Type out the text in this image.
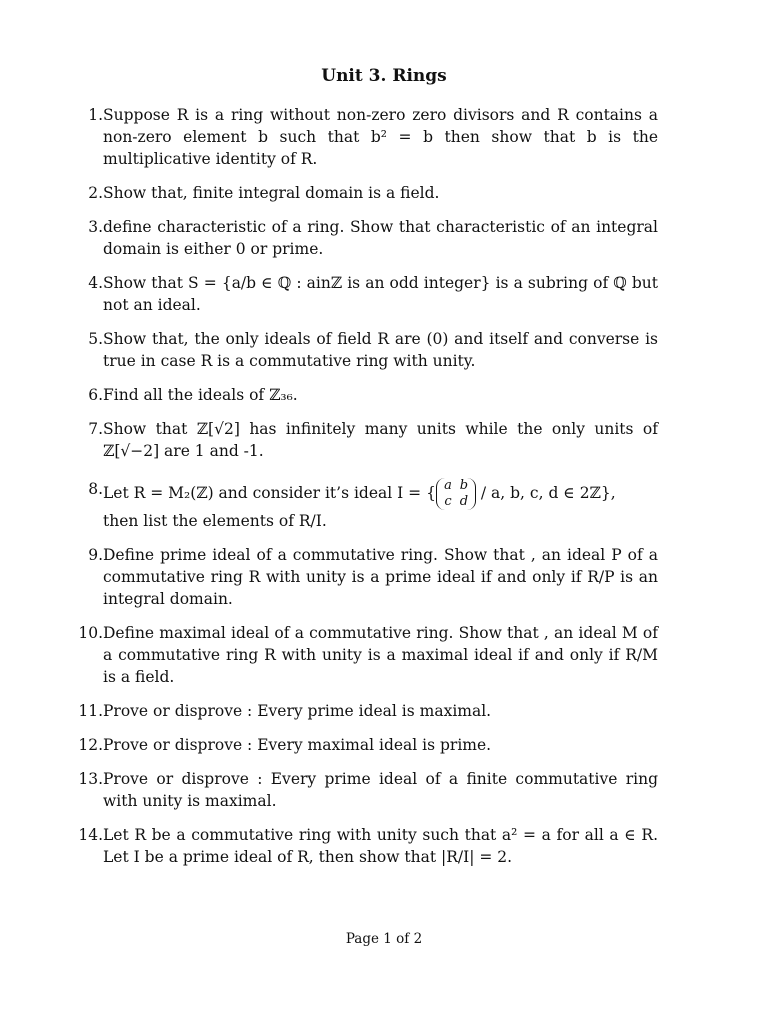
Unit 3. Rings
1. Suppose R is a ring without non-zero zero divisors and R contains a non-zero element b such that b² = b then show that b is the multiplicative identity of R.
2. Show that, finite integral domain is a field.
3. define characteristic of a ring. Show that characteristic of an integral domain is either 0 or prime.
4. Show that S = {a/b ∈ ℚ : ainℤ is an odd integer} is a subring of ℚ but not an ideal.
5. Show that, the only ideals of field R are (0) and itself and converse is true in case R is a commutative ring with unity.
6. Find all the ideals of ℤ₃₆.
7. Show that ℤ[√2] has infinitely many units while the only units of ℤ[√−2] are 1 and -1.
8. Let R = M₂(ℤ) and consider it’s ideal I = { a b
c d / a, b, c, d ∈ 2ℤ},
then list the elements of R/I.
9. Define prime ideal of a commutative ring. Show that , an ideal P of a commutative ring R with unity is a prime ideal if and only if R/P is an integral domain.
10. Define maximal ideal of a commutative ring. Show that , an ideal M of a commutative ring R with unity is a maximal ideal if and only if R/M is a field.
11. Prove or disprove : Every prime ideal is maximal.
12. Prove or disprove : Every maximal ideal is prime.
13. Prove or disprove : Every prime ideal of a finite commutative ring with unity is maximal.
14. Let R be a commutative ring with unity such that a² = a for all a ∈ R. Let I be a prime ideal of R, then show that |R/I| = 2.
Page 1 of 2
